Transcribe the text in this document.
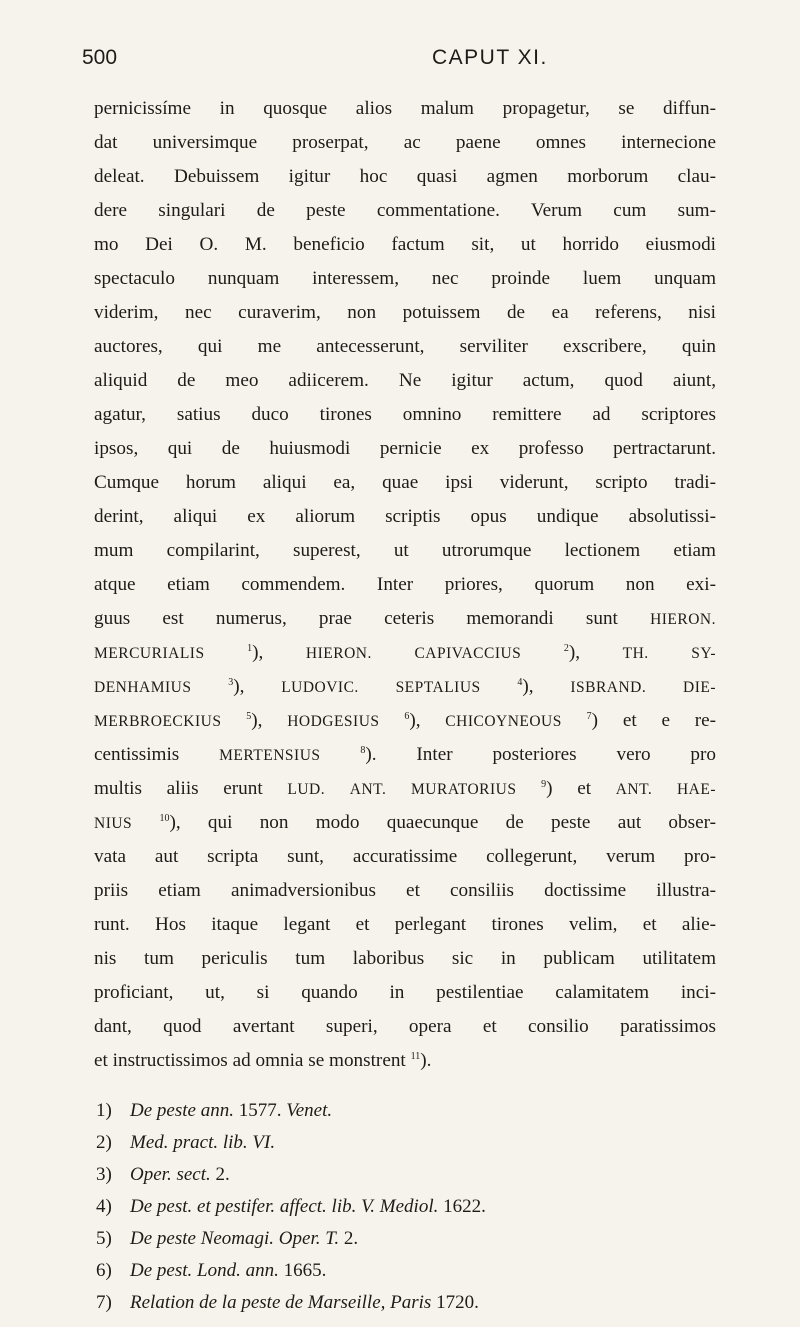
500	CAPUT XI.
pernicissíme in quosque alios malum propagetur, se diffun-
dat universimque proserpat, ac paene omnes internecione
deleat. Debuissem igitur hoc quasi agmen morborum clau-
dere singulari de peste commentatione. Verum cum sum-
mo Dei O. M. beneficio factum sit, ut horrido eiusmodi
spectaculo nunquam interessem, nec proinde luem unquam
viderim, nec curaverim, non potuissem de ea referens, nisi
auctores, qui me antecesserunt, serviliter exscribere, quin
aliquid de meo adiicerem. Ne igitur actum, quod aiunt,
agatur, satius duco tirones omnino remittere ad scriptores
ipsos, qui de huiusmodi pernicie ex professo pertractarunt.
Cumque horum aliqui ea, quae ipsi viderunt, scripto tradi-
derint, aliqui ex aliorum scriptis opus undique absolutissi-
mum compilarint, superest, ut utrorumque lectionem etiam
atque etiam commendem. Inter priores, quorum non exi-
guus est numerus, prae ceteris memorandi sunt HIERON.
MERCURIALIS	$^1$),	HIERON.	CAPIVACCIUS	$^2$),	TH.	SY-
DENHAMIUS	$^3$), LUDOVIC. SEPTALIUS	$^4$), ISBRAND. DIE-
MERBROECKIUS $^5$), HODGESIUS $^6$), CHICOYNEOUS $^7$) et e re-
centissimis	MERTENSIUS	$^8$). Inter posteriores vero pro
multis aliis erunt LUD. ANT. MURATORIUS $^9$) et ANT. HAE-
NIUS	$^{10}$), qui non modo quaecunque de peste aut obser-
vata aut scripta sunt, accuratissime collegerunt, verum pro-
priis etiam animadversionibus et consiliis doctissime illustra-
runt. Hos itaque legant et perlegant tirones velim, et alie-
nis tum periculis tum laboribus sic in publicam utilitatem
proficiant, ut, si quando in pestilentiae calamitatem inci-
dant, quod avertant superi, opera et consilio paratissimos
et instructissimos ad omnia se monstrent $^{11}$).
1) De peste ann. 1577. Venet.
2) Med. pract. lib. VI.
3) Oper. sect. 2.
4) De pest. et pestifer. affect. lib. V. Mediol. 1622.
5) De peste Neomagi. Oper. T. 2.
6) De pest. Lond. ann. 1665.
7) Relation de la peste de Marseille, Paris 1720.
